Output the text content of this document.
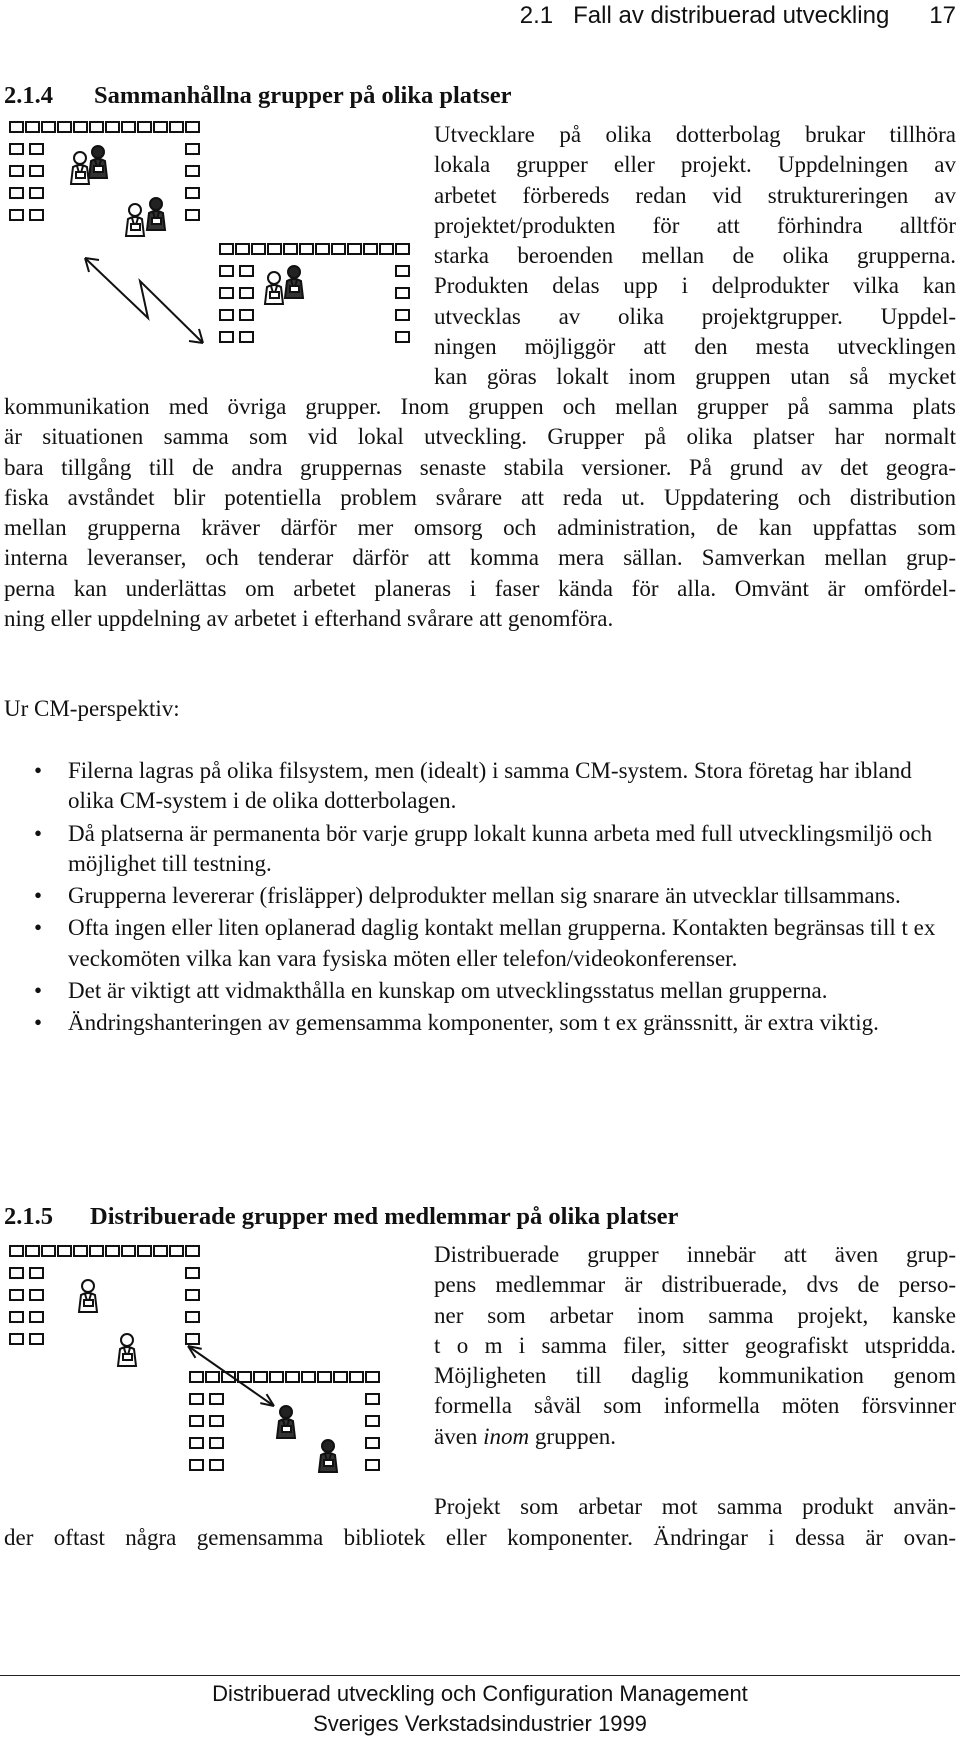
2.1 Fall av distribuerad utveckling 17
2.1.4 Sammanhållna grupper på olika platser
Utvecklare på olika dotterbolag brukar tillhöra
lokala grupper eller projekt. Uppdelningen av
arbetet förbereds redan vid struktureringen av
projektet/produkten för att förhindra alltför
starka beroenden mellan de olika grupperna.
Produkten delas upp i delprodukter vilka kan
utvecklas av olika projektgrupper. Uppdel-
ningen möjliggör att den mesta utvecklingen
kan göras lokalt inom gruppen utan så mycket
kommunikation med övriga grupper. Inom gruppen och mellan grupper på samma plats
är situationen samma som vid lokal utveckling. Grupper på olika platser har normalt
bara tillgång till de andra gruppernas senaste stabila versioner. På grund av det geogra-
fiska avståndet blir potentiella problem svårare att reda ut. Uppdatering och distribution
mellan grupperna kräver därför mer omsorg och administration, de kan uppfattas som
interna leveranser, och tenderar därför att komma mera sällan. Samverkan mellan grup-
perna kan underlättas om arbetet planeras i faser kända för alla. Omvänt är omfördel-
ning eller uppdelning av arbetet i efterhand svårare att genomföra.
Ur CM-perspektiv:
• Filerna lagras på olika filsystem, men (idealt) i samma CM-system. Stora företag har ibland olika CM-system i de olika dotterbolagen.
• Då platserna är permanenta bör varje grupp lokalt kunna arbeta med full utvecklingsmiljö och möjlighet till testning.
• Grupperna levererar (frisläpper) delprodukter mellan sig snarare än utvecklar tillsammans.
• Ofta ingen eller liten oplanerad daglig kontakt mellan grupperna. Kontakten begränsas till t ex veckomöten vilka kan vara fysiska möten eller telefon/videokonferenser.
• Det är viktigt att vidmakthålla en kunskap om utvecklingsstatus mellan grupperna.
• Ändringshanteringen av gemensamma komponenter, som t ex gränssnitt, är extra viktig.
2.1.5 Distribuerade grupper med medlemmar på olika platser
Distribuerade grupper innebär att även grup-
pens medlemmar är distribuerade, dvs de perso-
ner som arbetar inom samma projekt, kanske
t o m i samma filer, sitter geografiskt utspridda.
Möjligheten till daglig kommunikation genom
formella såväl som informella möten försvinner
även inom gruppen.
Projekt som arbetar mot samma produkt använ-
der oftast några gemensamma bibliotek eller komponenter. Ändringar i dessa är ovan-
Distribuerad utveckling och Configuration Management
Sveriges Verkstadsindustrier 1999
